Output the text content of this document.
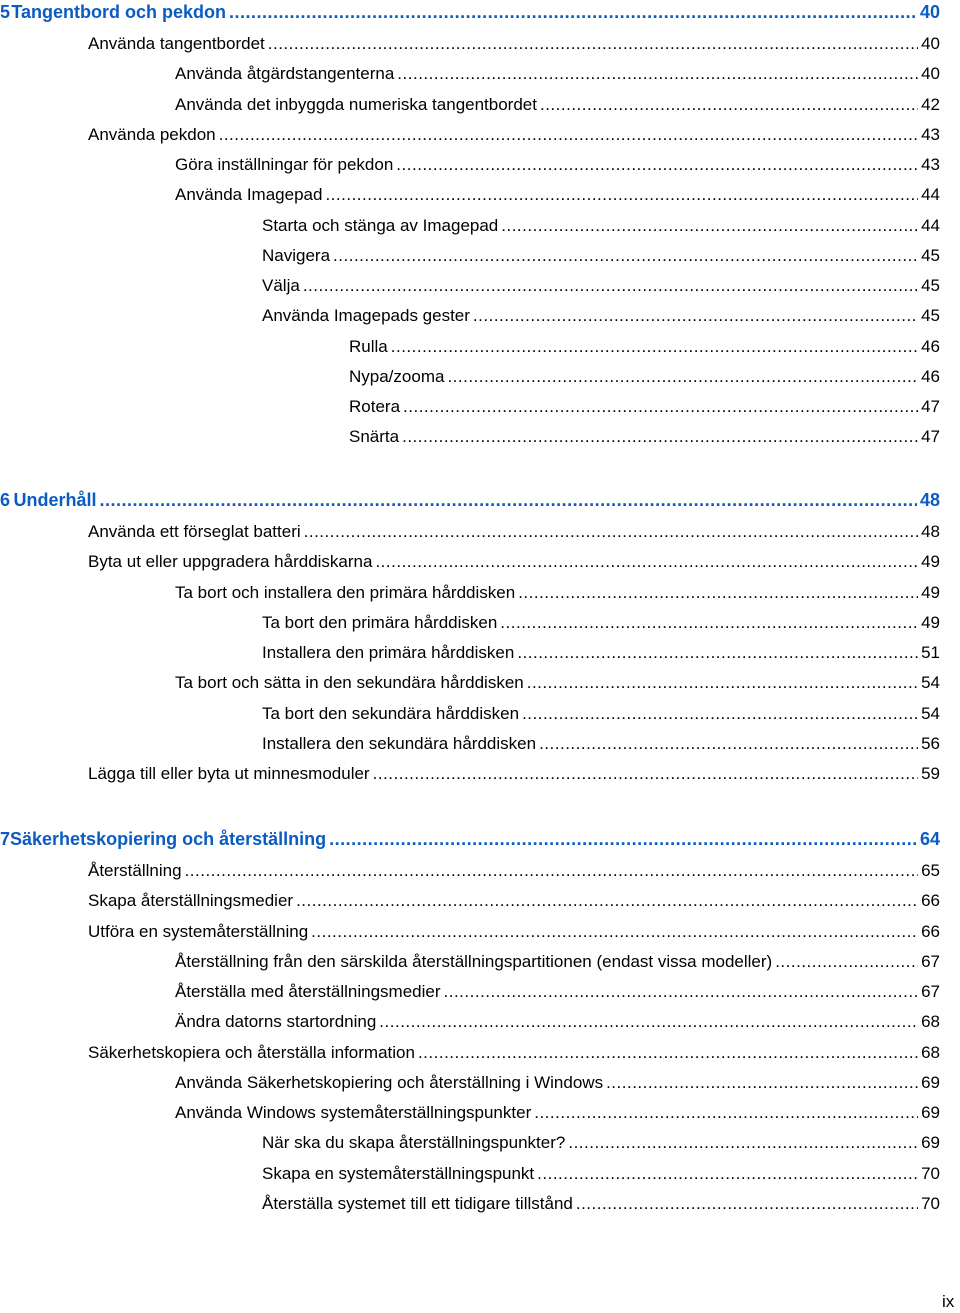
5 Tangentbord och pekdon .....	40
Använda tangentbordet .....	40
Använda åtgärdstangenterna .....	40
Använda det inbyggda numeriska tangentbordet .....	42
Använda pekdon .....	43
Göra inställningar för pekdon .....	43
Använda Imagepad .....	44
Starta och stänga av Imagepad .....	44
Navigera .....	45
Välja .....	45
Använda Imagepads gester .....	45
Rulla .....	46
Nypa/zooma .....	46
Rotera .....	47
Snärta .....	47
6 Underhåll .....	48
Använda ett förseglat batteri .....	48
Byta ut eller uppgradera hårddiskarna .....	49
Ta bort och installera den primära hårddisken .....	49
Ta bort den primära hårddisken .....	49
Installera den primära hårddisken .....	51
Ta bort och sätta in den sekundära hårddisken .....	54
Ta bort den sekundära hårddisken .....	54
Installera den sekundära hårddisken .....	56
Lägga till eller byta ut minnesmoduler .....	59
7 Säkerhetskopiering och återställning .....	64
Återställning .....	65
Skapa återställningsmedier .....	66
Utföra en systemåterställning .....	66
Återställning från den särskilda återställningspartitionen (endast vissa modeller) .....	67
Återställa med återställningsmedier .....	67
Ändra datorns startordning .....	68
Säkerhetskopiera och återställa information .....	68
Använda Säkerhetskopiering och återställning i Windows .....	69
Använda Windows systemåterställningspunkter .....	69
När ska du skapa återställningspunkter? .....	69
Skapa en systemåterställningspunkt .....	70
Återställa systemet till ett tidigare tillstånd .....	70
ix
